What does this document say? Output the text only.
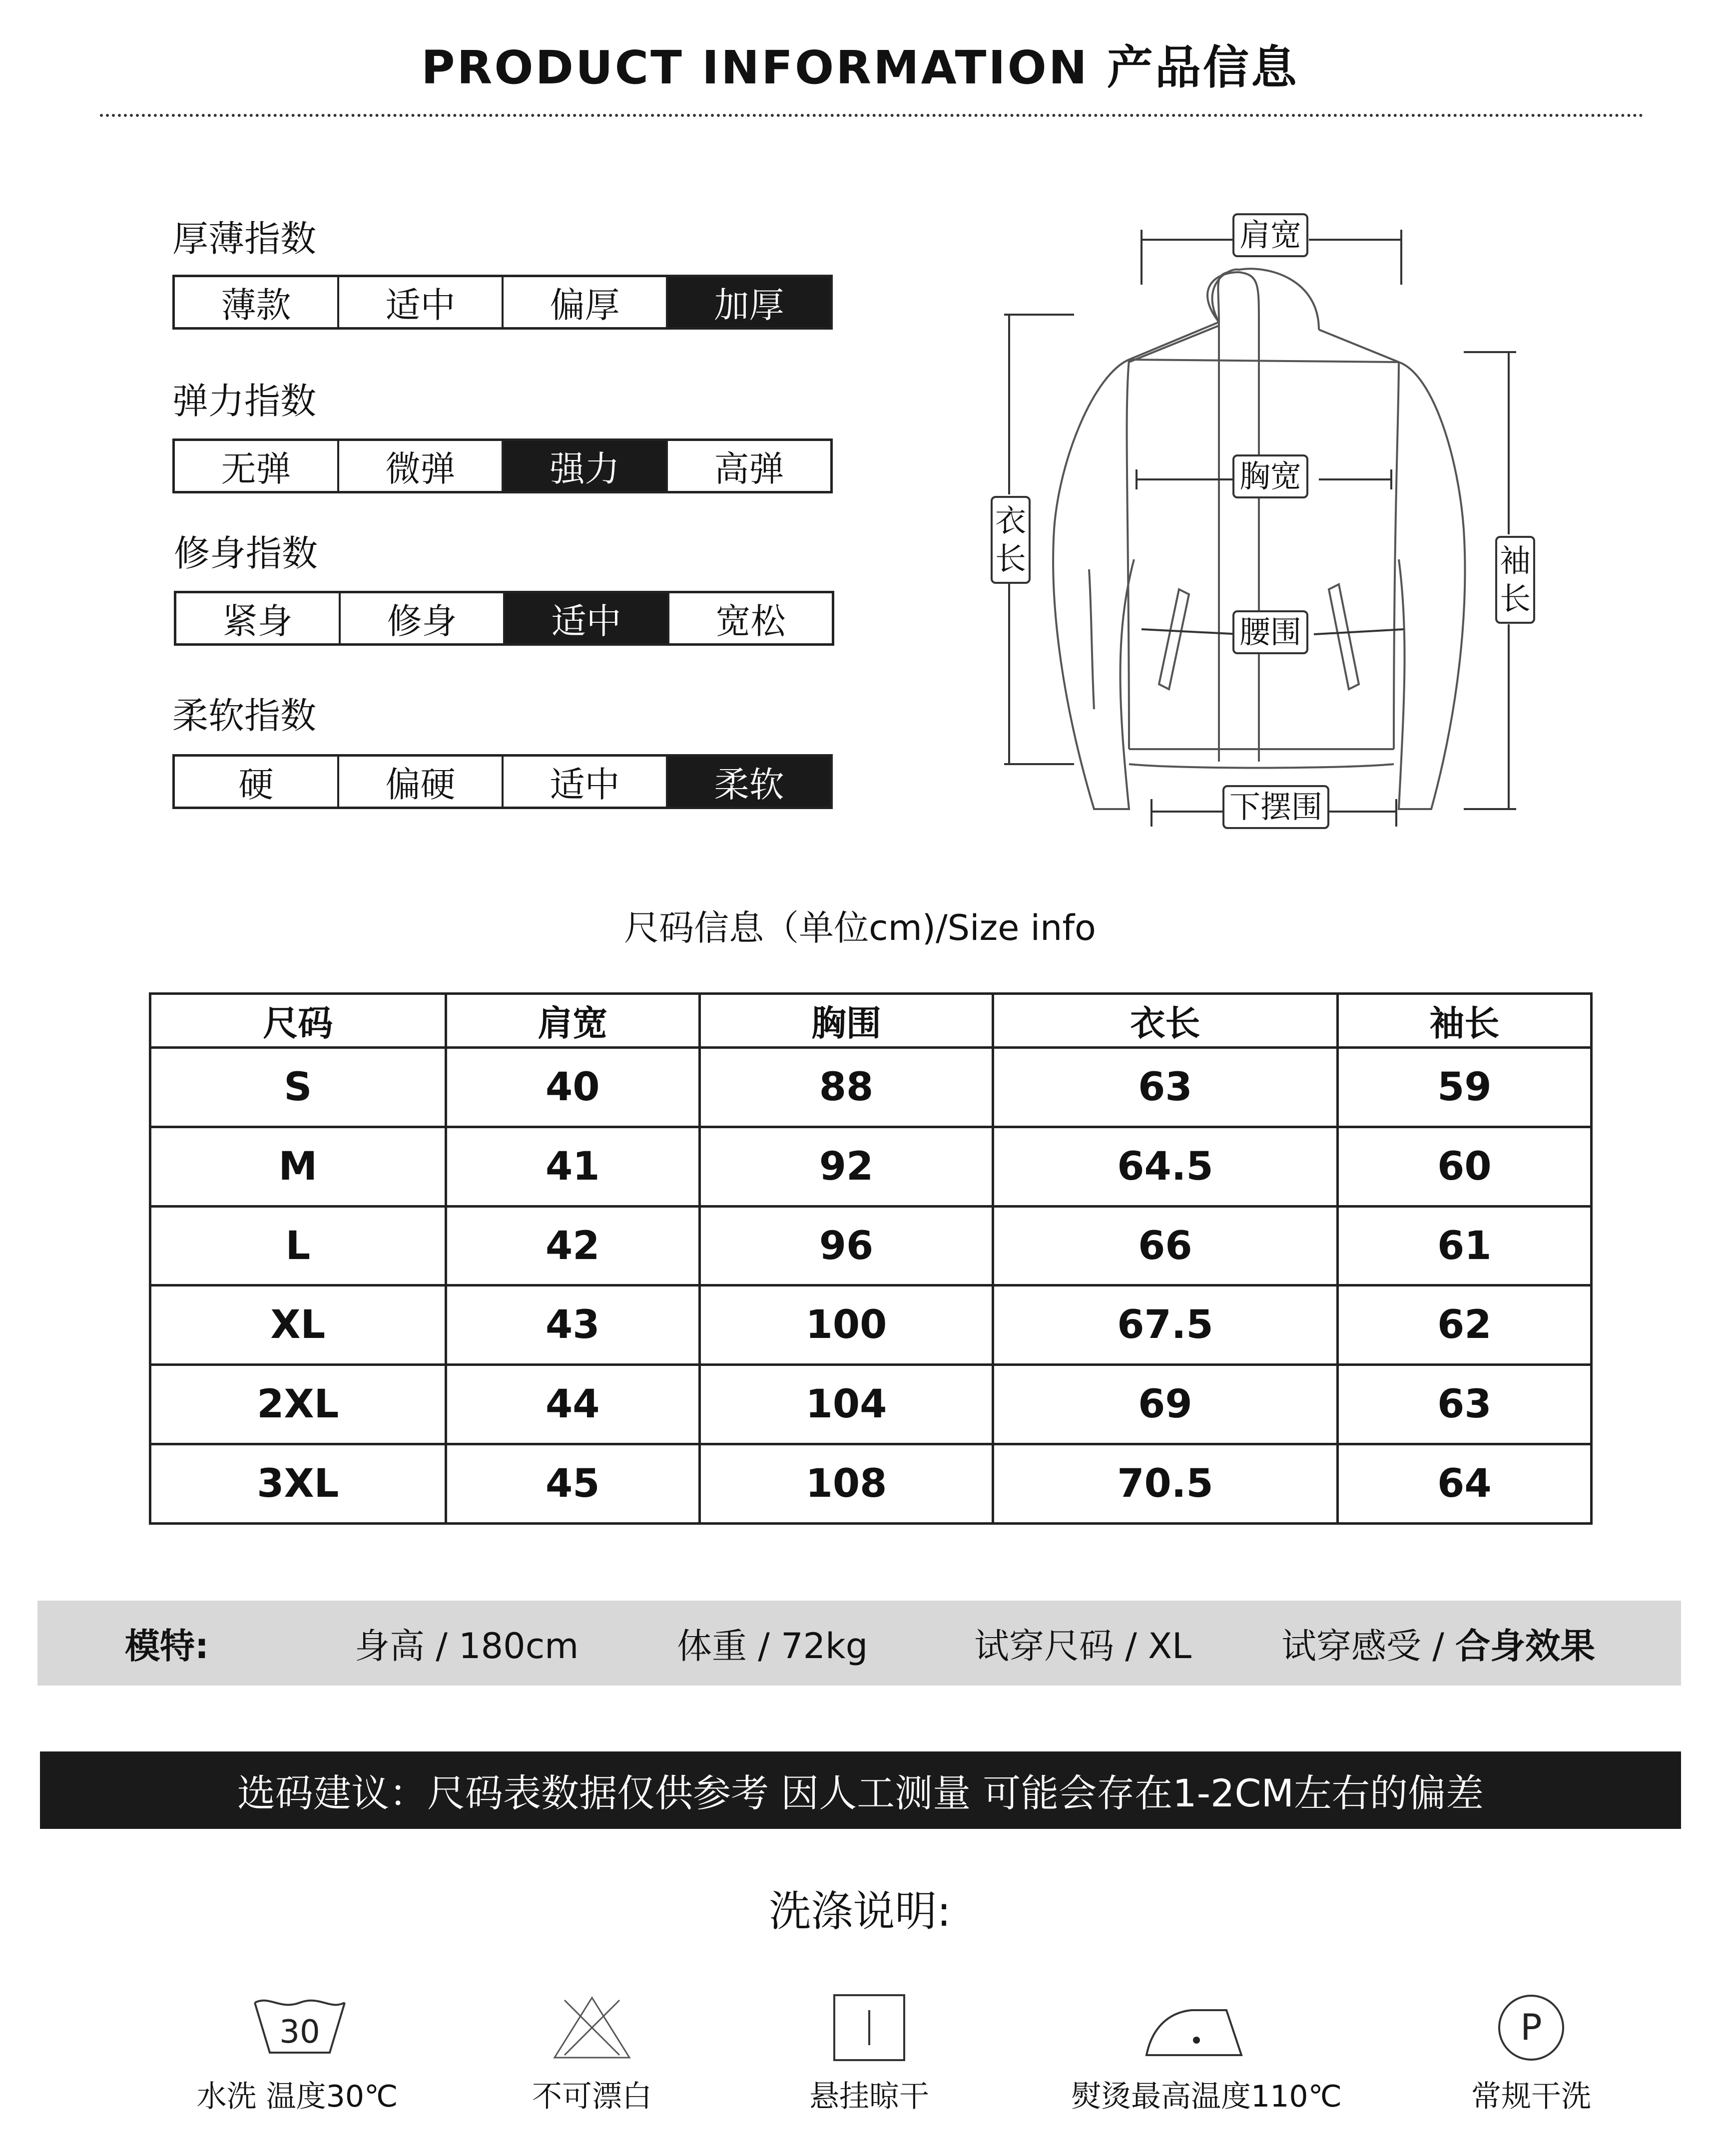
PRODUCT INFORMATION 产品信息
厚薄指数
薄款	适中	偏厚	加厚
弹力指数
无弹	微弹	强力	高弹
修身指数
紧身	修身	适中	宽松
柔软指数
硬	偏硬	适中	柔软
肩宽
胸宽
腰围
下摆围
衣长	袖长
尺码信息（单位cm)/Size info
尺码	肩宽	胸围	衣长	袖长
S	40	88	63	59
M	41	92	64.5	60
L	42	96	66	61
XL	43	100	67.5	62
2XL	44	104	69	63
3XL	45	108	70.5	64
模特:	身高 / 180cm	体重 / 72kg	试穿尺码 / XL	试穿感受 / 合身效果
选码建议：尺码表数据仅供参考 因人工测量 可能会存在1-2CM左右的偏差
洗涤说明:
30	P
水洗 温度30℃	不可漂白	悬挂晾干	熨烫最高温度110℃	常规干洗
